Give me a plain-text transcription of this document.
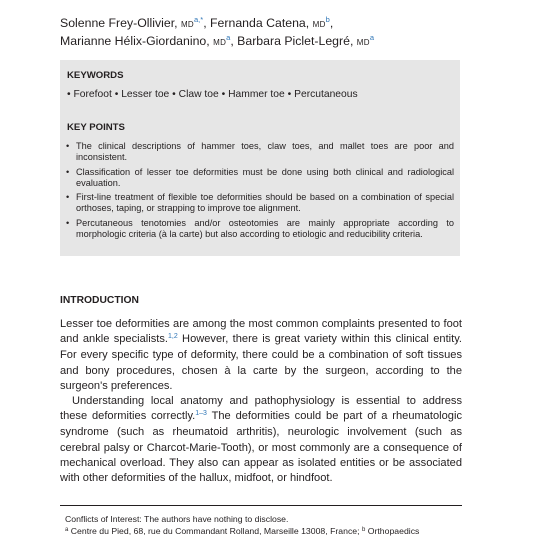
Solenne Frey-Ollivier, $MD^{a,*}$, Fernanda Catena, $MD^b$,
Marianne Hélix-Giordanino, $MD^a$, Barbara Piclet-Legré, $MD^a$
KEYWORDS
• Forefoot • Lesser toe • Claw toe • Hammer toe • Percutaneous
KEY POINTS
• The clinical descriptions of hammer toes, claw toes, and mallet toes are poor and inconsistent.
• Classification of lesser toe deformities must be done using both clinical and radiological evaluation.
• First-line treatment of flexible toe deformities should be based on a combination of special orthoses, taping, or strapping to improve toe alignment.
• Percutaneous tenotomies and/or osteotomies are mainly appropriate according to morphologic criteria (à la carte) but also according to etiologic and reducibility criteria.
INTRODUCTION

Lesser toe deformities are among the most common complaints presented to foot and ankle specialists.$^{1,2}$ However, there is great variety within this clinical entity. For every specific type of deformity, there could be a combination of soft tissues and bony procedures, chosen à la carte by the surgeon, according to the surgeon's preferences.

Understanding local anatomy and pathophysiology is essential to address these deformities correctly.$^{1-3}$ The deformities could be part of a rheumatologic syndrome (such as rheumatoid arthritis), neurologic involvement (such as cerebral palsy or Charcot-Marie-Tooth), or most commonly are a consequence of mechanical overload. They also can appear as isolated entities or be associated with other deformities of the hallux, midfoot, or hindfoot.

Conflicts of Interest: The authors have nothing to disclose.
$^a$ Centre du Pied, 68, rue du Commandant Rolland, Marseille 13008, France; $^b$ Orthopaedics
